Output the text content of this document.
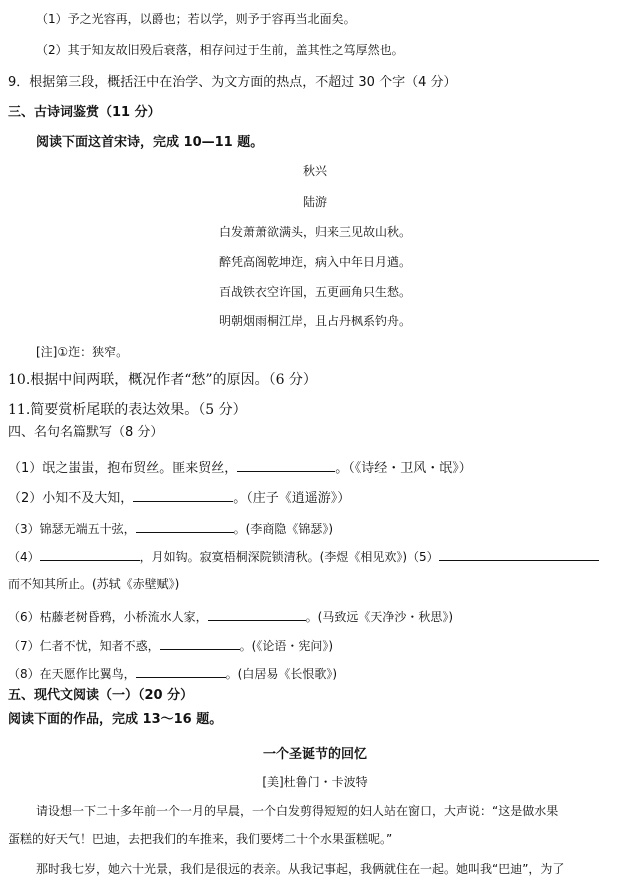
（1）予之光容再，以爵也；若以学，则予于容再当北面矣。
（2）其于知友故旧殁后衰落，相存问过于生前，盖其性之笃厚然也。
9．根据第三段，概括汪中在治学、为文方面的热点，不超过 30 个字（4 分）
三、古诗词鉴赏（11 分）
阅读下面这首宋诗，完成 10—11 题。
秋兴
陆游
白发萧萧欲满头，归来三见故山秋。
醉凭高阁乾坤迮，病入中年日月遒。
百战铁衣空许国，五更画角只生愁。
明朝烟雨桐江岸，且占丹枫系钓舟。
[注]①迮：狭窄。
10.根据中间两联，概况作者“愁”的原因。（6 分）
11.简要赏析尾联的表达效果。（5 分）
四、名句名篇默写（8 分）
（1）氓之蚩蚩，抱布贸丝。匪来贸丝，	。（《诗经・卫风・氓》）
（2）小知不及大知，	。（庄子《逍遥游》）
（3）锦瑟无端五十弦，	。(李商隐《锦瑟》)
（4）	，月如钩。寂寞梧桐深院锁清秋。(李煜《相见欢》)（5）
而不知其所止。(苏轼《赤壁赋》)
（6）枯藤老树昏鸦，小桥流水人家，	。(马致远《天净沙・秋思》)
（7）仁者不忧，知者不惑，	。(《论语・宪问》)
（8）在天愿作比翼鸟，	。(白居易《长恨歌》)
五、现代文阅读（一）（20 分）
阅读下面的作品，完成 13～16 题。
一个圣诞节的回忆
[美]杜鲁门・卡波特
请设想一下二十多年前一个一月的早晨，一个白发剪得短短的妇人站在窗口，大声说：“这是做水果
蛋糕的好天气！巴迪，去把我们的车推来，我们要烤二十个水果蛋糕呢。”
那时我七岁，她六十光景，我们是很远的表亲。从我记事起，我俩就住在一起。她叫我“巴迪”，为了
